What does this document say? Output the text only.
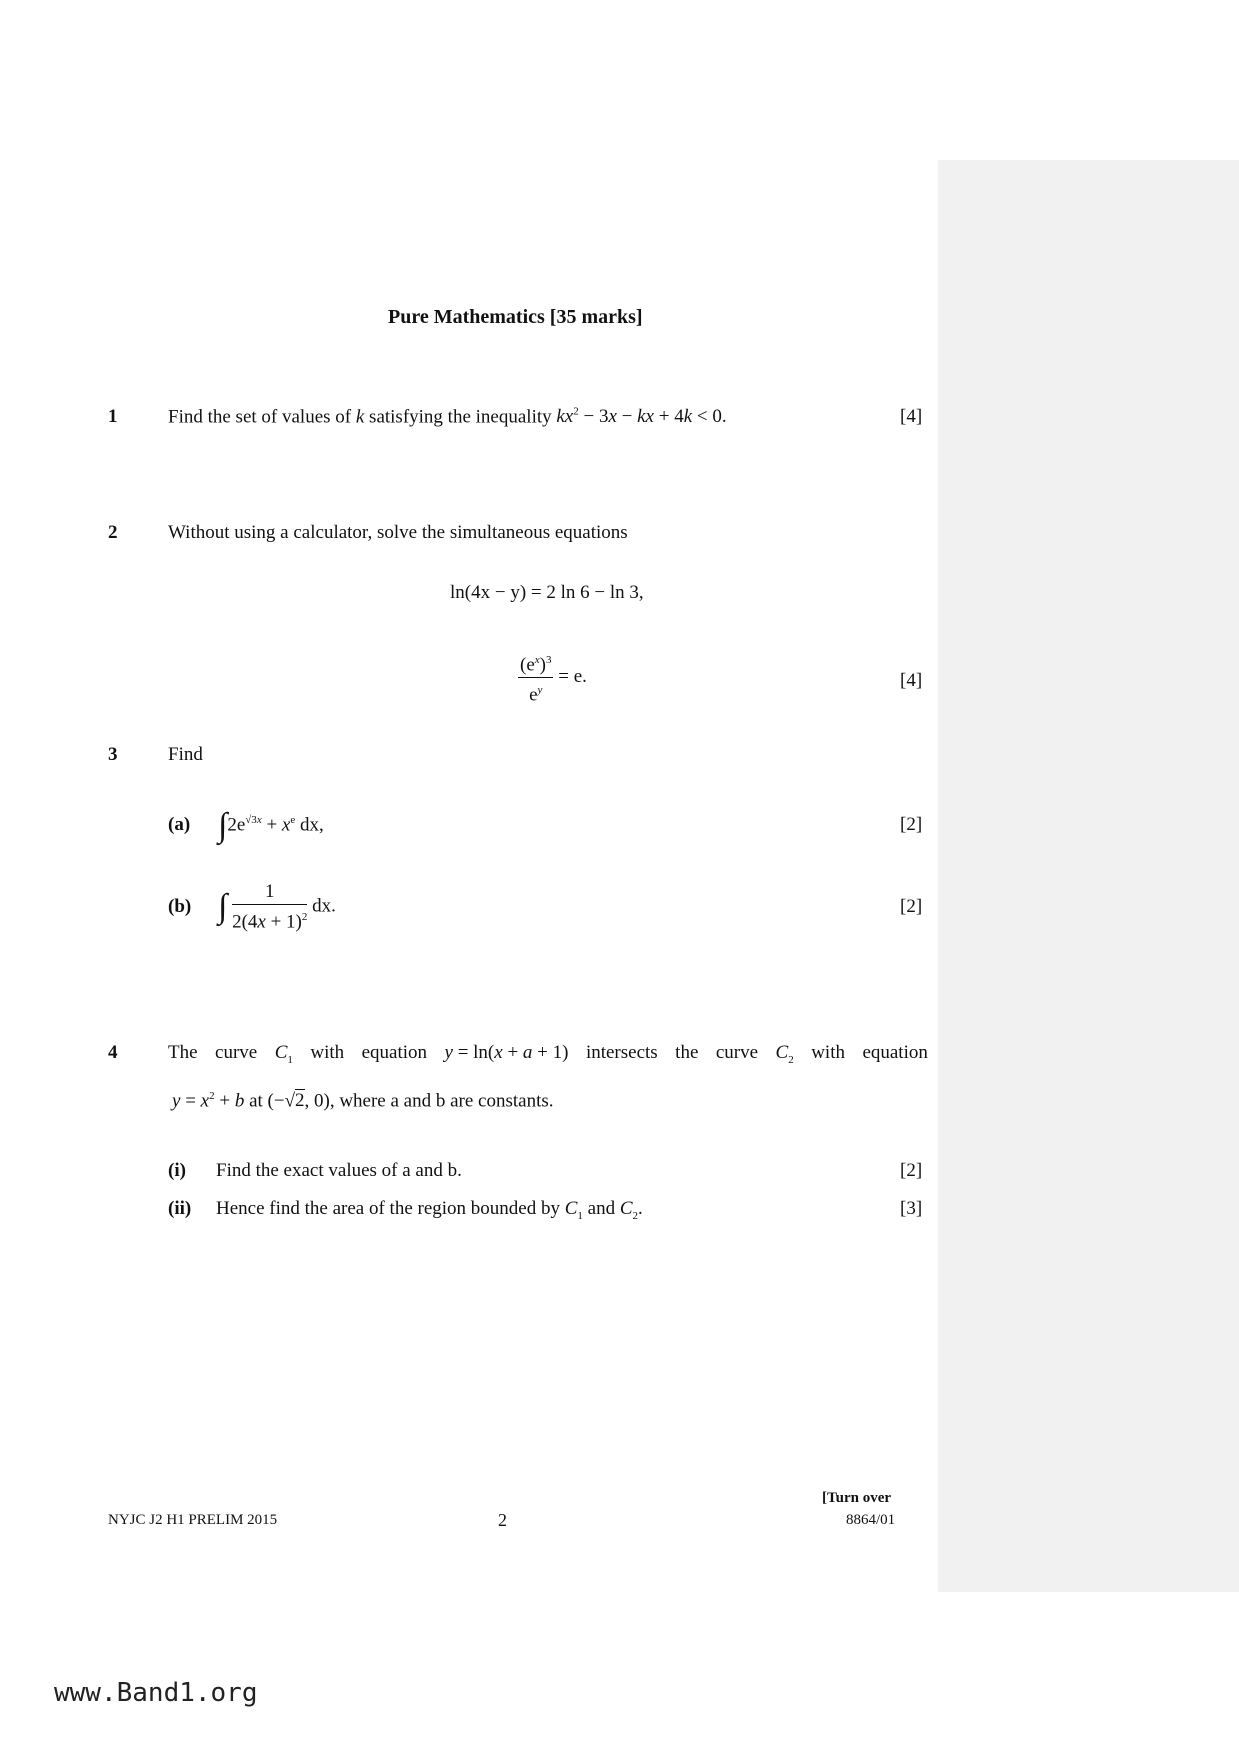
Pure Mathematics [35 marks]
1	Find the set of values of k satisfying the inequality $kx^2 - 3x$ − kx + 4k < 0.	[4]
2	Without using a calculator, solve the simultaneous equations
ln(4x − y) = 2 ln 6 − ln 3,
$\frac{(e^x)^3}{e^y} = e$.	[4]
3	Find
(a) $\int 2e^{√3x} + x^e$ dx,	[2]
(b) ∫ $\frac{1}{2(4x + 1)^2}$ dx.	[2]
4	The curve $C_1$ with equation y = ln(x + a + 1) intersects the curve $C_2$ with equation
$y = x^2 + b$ at (−√2, 0), where a and b are constants.
(i) Find the exact values of a and b.	[2]
(ii) Hence find the area of the region bounded by $C_1$ and $C_2$.	[3]
[Turn over
NYJC J2 H1 PRELIM 2015	2	8864/01
www.Band1.org
